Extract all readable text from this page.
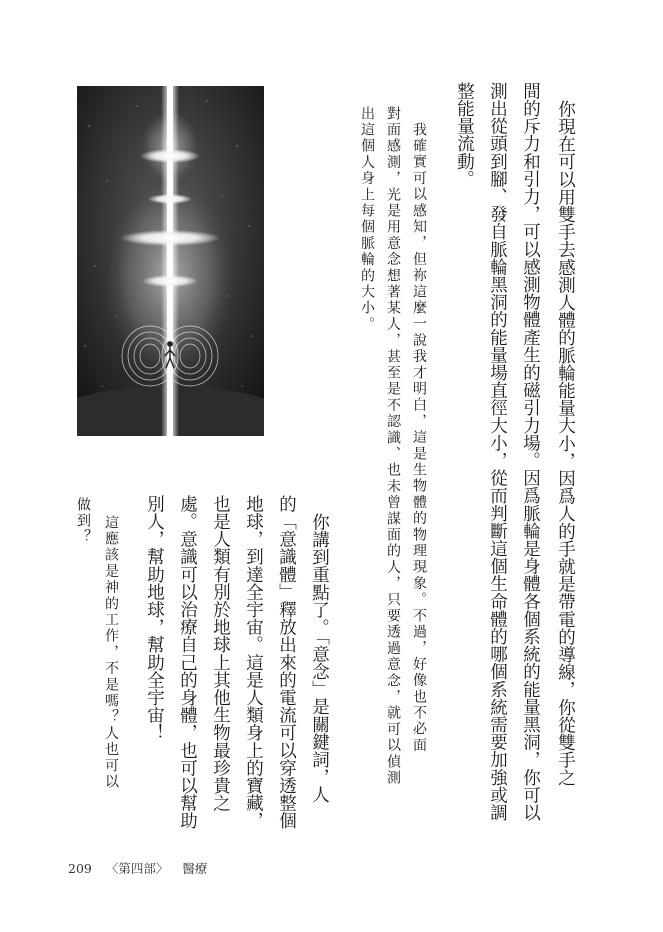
你現在可以用雙手去感測人體的脈輪能量大小，因爲人的手就是帶電的導線，你從雙手之
間的斥力和引力，可以感測物體產生的磁引力場。因爲脈輪是身體各個系統的能量黑洞，你可以
測出從頭到腳、發自脈輪黑洞的能量場直徑大小，從而判斷這個生命體的哪個系統需要加強或調
整能量流動。
我確實可以感知，但祢這麼一說我才明白，這是生物體的物理現象。不過，好像也不必面
對面感測，光是用意念想著某人，甚至是不認識、也未曾謀面的人，只要透過意念，就可以偵測
出這個人身上每個脈輪的大小。
你講到重點了。「意念」是關鍵詞，人
的「意識體」釋放出來的電流可以穿透整個
地球，到達全宇宙。這是人類身上的寶藏，
也是人類有別於地球上其他生物最珍貴之
處。意識可以治療自己的身體，也可以幫助
別人，幫助地球，幫助全宇宙！
這應該是神的工作，不是嗎？人也可以
做到？
209 〈第四部〉 醫療
